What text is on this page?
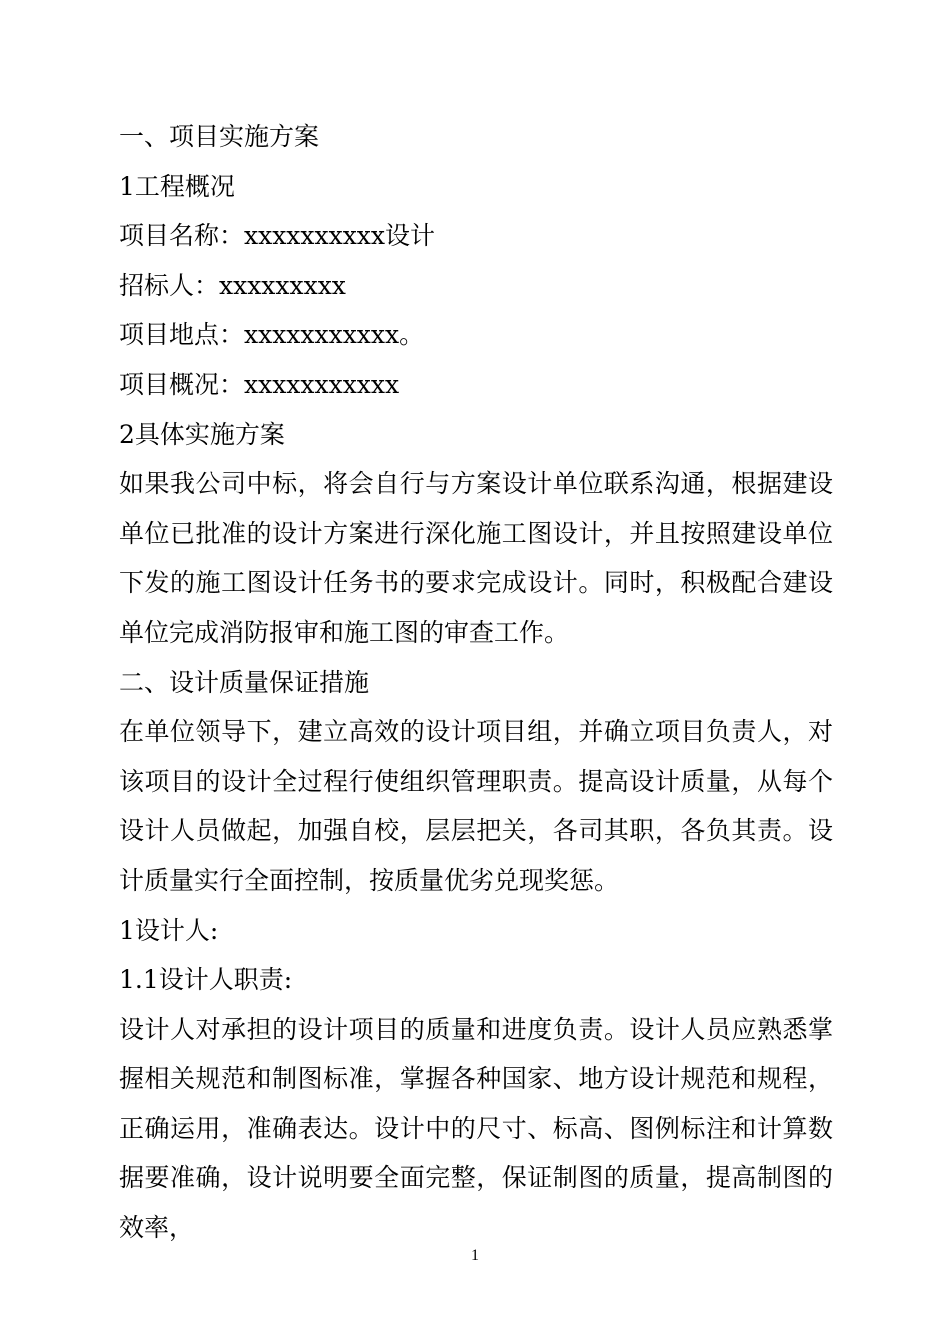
一、项目实施方案

1工程概况

项目名称：xxxxxxxxxx设计

招标人：xxxxxxxxx

项目地点：xxxxxxxxxxx。

项目概况：xxxxxxxxxxx

2具体实施方案

如果我公司中标，将会自行与方案设计单位联系沟通，根据建设单位已批准的设计方案进行深化施工图设计，并且按照建设单位下发的施工图设计任务书的要求完成设计。同时，积极配合建设单位完成消防报审和施工图的审查工作。

二、设计质量保证措施

在单位领导下，建立高效的设计项目组，并确立项目负责人，对该项目的设计全过程行使组织管理职责。提高设计质量，从每个设计人员做起，加强自校，层层把关，各司其职，各负其责。设计质量实行全面控制，按质量优劣兑现奖惩。

1设计人:

1.1设计人职责:

设计人对承担的设计项目的质量和进度负责。设计人员应熟悉掌握相关规范和制图标准，掌握各种国家、地方设计规范和规程，正确运用，准确表达。设计中的尺寸、标高、图例标注和计算数据要准确，设计说明要全面完整，保证制图的质量，提高制图的效率，

1
